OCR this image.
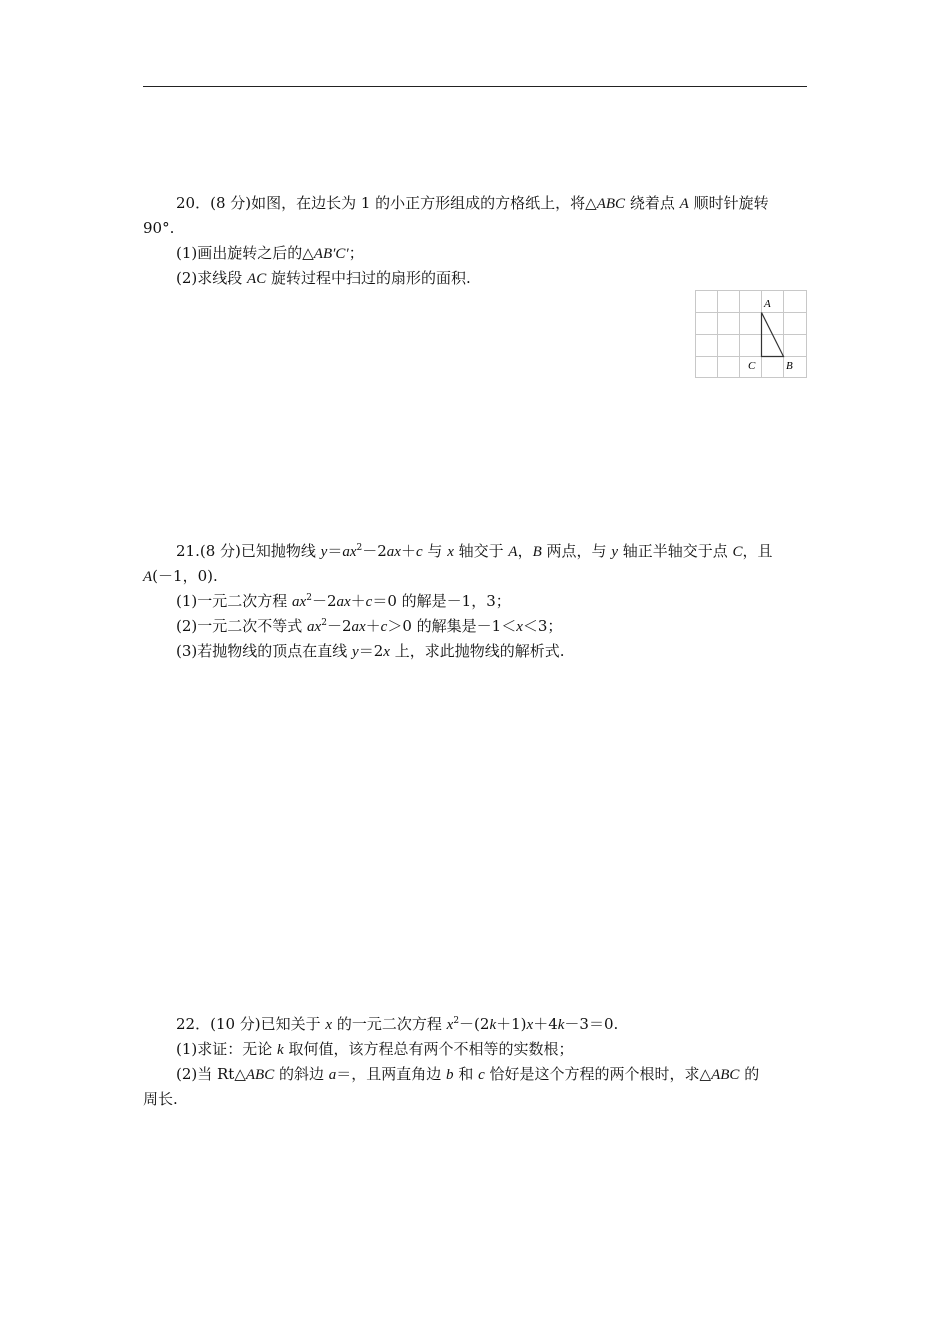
20．(8 分)如图，在边长为 1 的小正方形组成的方格纸上，将△ABC 绕着点 A 顺时针旋转
90°.
(1)画出旋转之后的△AB′C′；
(2)求线段 AC 旋转过程中扫过的扇形的面积.
A
B
C
21.(8 分)已知抛物线 $y=ax^2-2ax+c$ 与 x 轴交于 A，B 两点，与 y 轴正半轴交于点 C，且
A(－1，0).
(1)一元二次方程 $ax^2-2ax+c=0$ 的解是－1，3；
(2)一元二次不等式 $ax^2-2ax+c>0$ 的解集是－1＜x＜3；
(3)若抛物线的顶点在直线 y＝2x 上，求此抛物线的解析式.
22．(10 分)已知关于 x 的一元二次方程 $x^2-(2k+1)x+4k-3=0$.
(1)求证：无论 k 取何值，该方程总有两个不相等的实数根；
(2)当 Rt△ABC 的斜边 a＝，且两直角边 b 和 c 恰好是这个方程的两个根时，求△ABC 的
周长.
